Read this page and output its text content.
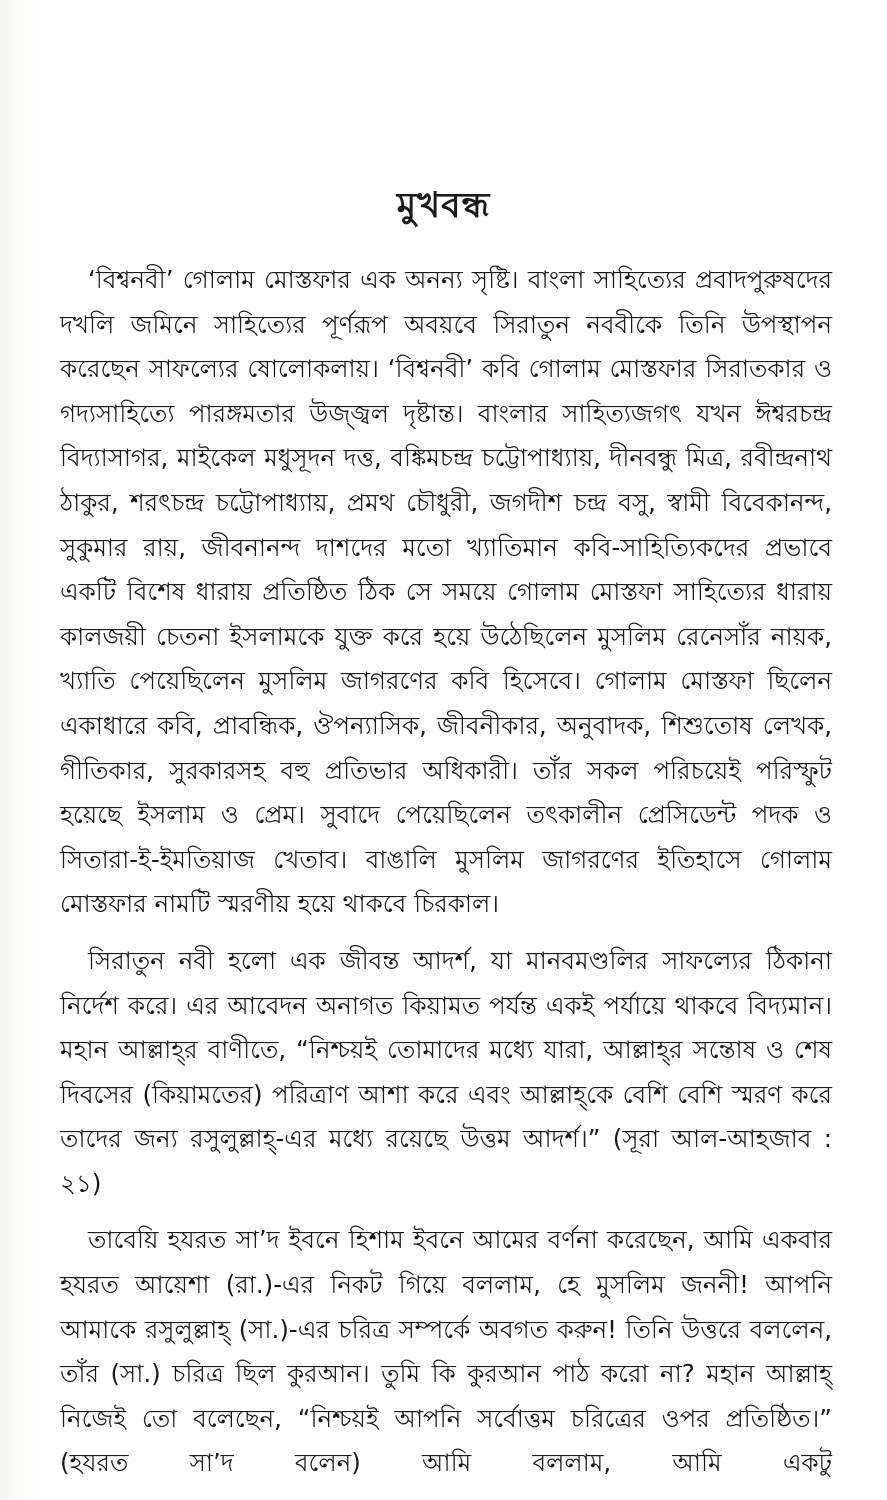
মুখবন্ধ

‘বিশ্বনবী’ গোলাম মোস্তফার এক অনন্য সৃষ্টি। বাংলা সাহিত্যের প্রবাদপুরুষদের দখলি জমিনে সাহিত্যের পূর্ণরূপ অবয়বে সিরাতুন নববীকে তিনি উপস্থাপন করেছেন সাফল্যের ষোলোকলায়। ‘বিশ্বনবী’ কবি গোলাম মোস্তফার সিরাতকার ও গদ্যসাহিত্যে পারঙ্গমতার উজ্জ্বল দৃষ্টান্ত। বাংলার সাহিত্যজগৎ যখন ঈশ্বরচন্দ্র বিদ্যাসাগর, মাইকেল মধুসূদন দত্ত, বঙ্কিমচন্দ্র চট্টোপাধ্যায়, দীনবন্ধু মিত্র, রবীন্দ্রনাথ ঠাকুর, শরৎচন্দ্র চট্টোপাধ্যায়, প্রমথ চৌধুরী, জগদীশ চন্দ্র বসু, স্বামী বিবেকানন্দ, সুকুমার রায়, জীবনানন্দ দাশদের মতো খ্যাতিমান কবি-সাহিত্যিকদের প্রভাবে একটি বিশেষ ধারায় প্রতিষ্ঠিত ঠিক সে সময়ে গোলাম মোস্তফা সাহিত্যের ধারায় কালজয়ী চেতনা ইসলামকে যুক্ত করে হয়ে উঠেছিলেন মুসলিম রেনেসাঁর নায়ক, খ্যাতি পেয়েছিলেন মুসলিম জাগরণের কবি হিসেবে। গোলাম মোস্তফা ছিলেন একাধারে কবি, প্রাবন্ধিক, ঔপন্যাসিক, জীবনীকার, অনুবাদক, শিশুতোষ লেখক, গীতিকার, সুরকারসহ বহু প্রতিভার অধিকারী। তাঁর সকল পরিচয়েই পরিস্ফুট হয়েছে ইসলাম ও প্রেম। সুবাদে পেয়েছিলেন তৎকালীন প্রেসিডেন্ট পদক ও সিতারা-ই-ইমতিয়াজ খেতাব। বাঙালি মুসলিম জাগরণের ইতিহাসে গোলাম মোস্তফার নামটি স্মরণীয় হয়ে থাকবে চিরকাল।

সিরাতুন নবী হলো এক জীবন্ত আদর্শ, যা মানবমণ্ডলির সাফল্যের ঠিকানা নির্দেশ করে। এর আবেদন অনাগত কিয়ামত পর্যন্ত একই পর্যায়ে থাকবে বিদ্যমান। মহান আল্লাহ্‌র বাণীতে, “নিশ্চয়ই তোমাদের মধ্যে যারা, আল্লাহ্‌র সন্তোষ ও শেষ দিবসের (কিয়ামতের) পরিত্রাণ আশা করে এবং আল্লাহ্‌কে বেশি বেশি স্মরণ করে তাদের জন্য রসুলুল্লাহ্-এর মধ্যে রয়েছে উত্তম আদর্শ।” (সূরা আল-আহজাব : ২১)

তাবেয়ি হযরত সা’দ ইবনে হিশাম ইবনে আমের বর্ণনা করেছেন, আমি একবার হযরত আয়েশা (রা.)-এর নিকট গিয়ে বললাম, হে মুসলিম জননী! আপনি আমাকে রসুলুল্লাহ্ (সা.)-এর চরিত্র সম্পর্কে অবগত করুন! তিনি উত্তরে বললেন, তাঁর (সা.) চরিত্র ছিল কুরআন। তুমি কি কুরআন পাঠ করো না? মহান আল্লাহ্ নিজেই তো বলেছেন, “নিশ্চয়ই আপনি সর্বোত্তম চরিত্রের ওপর প্রতিষ্ঠিত।” (হযরত সা’দ বলেন) আমি বললাম, আমি একটু
